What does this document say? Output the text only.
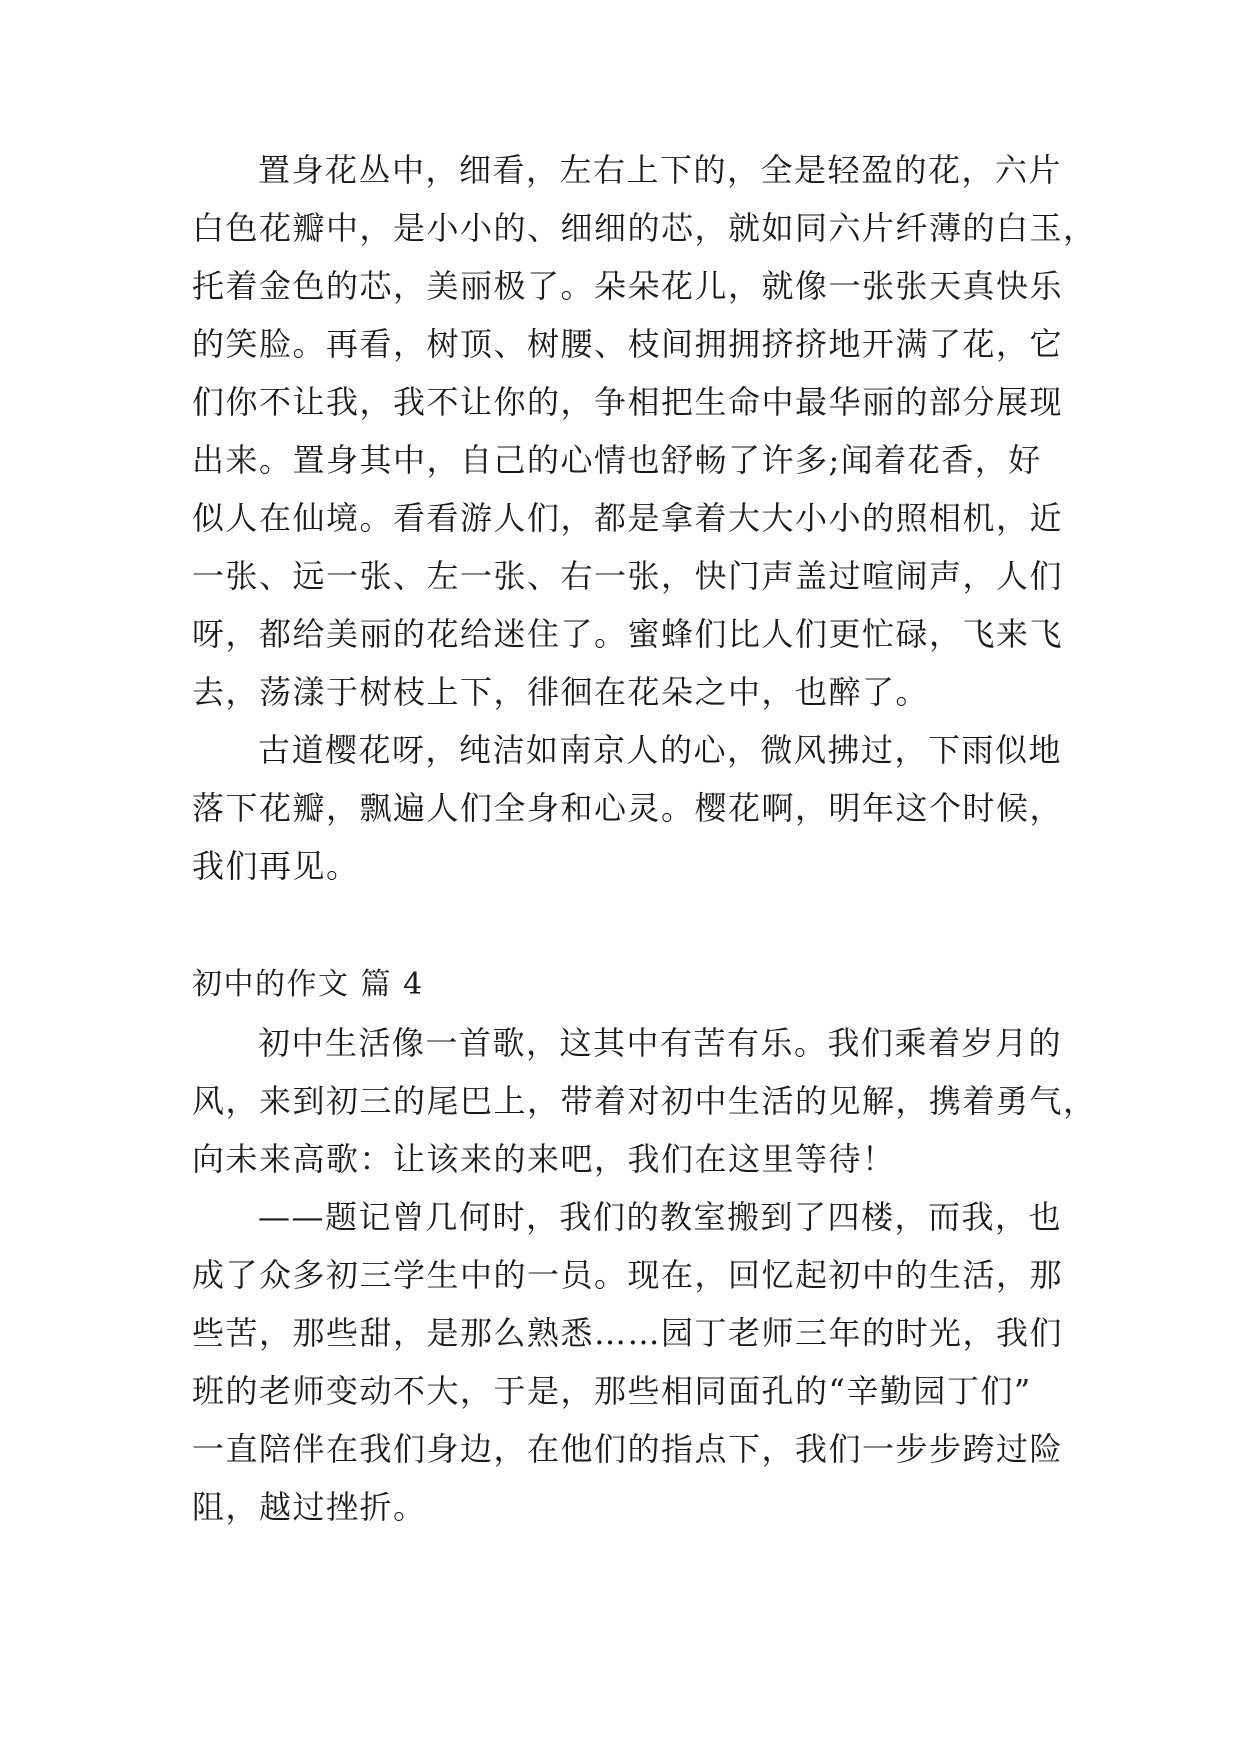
置身花丛中，细看，左右上下的，全是轻盈的花，六片
白色花瓣中，是小小的、细细的芯，就如同六片纤薄的白玉，
托着金色的芯，美丽极了。朵朵花儿，就像一张张天真快乐
的笑脸。再看，树顶、树腰、枝间拥拥挤挤地开满了花，它
们你不让我，我不让你的，争相把生命中最华丽的部分展现
出来。置身其中，自己的心情也舒畅了许多;闻着花香，好
似人在仙境。看看游人们，都是拿着大大小小的照相机，近
一张、远一张、左一张、右一张，快门声盖过喧闹声，人们
呀，都给美丽的花给迷住了。蜜蜂们比人们更忙碌，飞来飞
去，荡漾于树枝上下，徘徊在花朵之中，也醉了。
古道樱花呀，纯洁如南京人的心，微风拂过，下雨似地
落下花瓣，飘遍人们全身和心灵。樱花啊，明年这个时候，
我们再见。
初中的作文 篇 4
初中生活像一首歌，这其中有苦有乐。我们乘着岁月的
风，来到初三的尾巴上，带着对初中生活的见解，携着勇气，
向未来高歌：让该来的来吧，我们在这里等待！
——题记曾几何时，我们的教室搬到了四楼，而我，也
成了众多初三学生中的一员。现在，回忆起初中的生活，那
些苦，那些甜，是那么熟悉……园丁老师三年的时光，我们
班的老师变动不大，于是，那些相同面孔的“辛勤园丁们”
一直陪伴在我们身边，在他们的指点下，我们一步步跨过险
阻，越过挫折。
